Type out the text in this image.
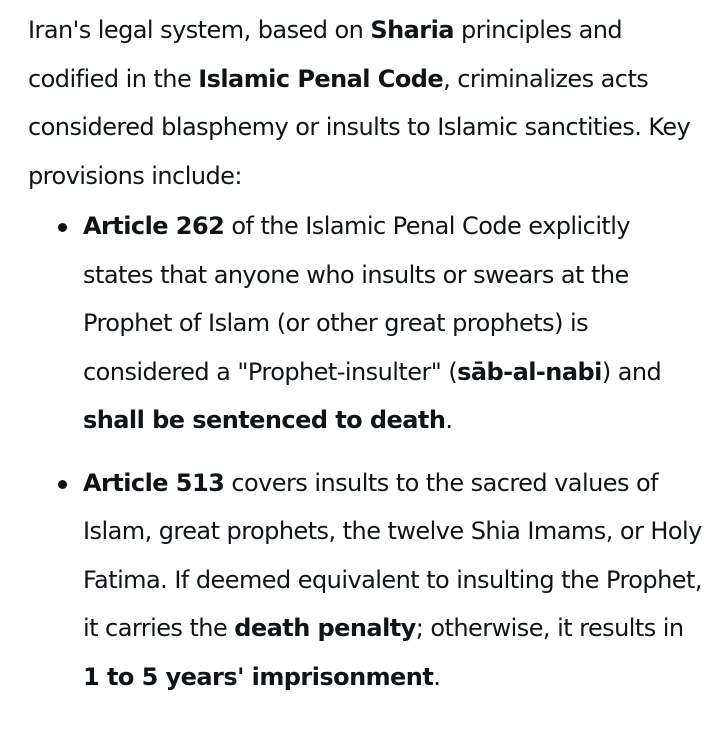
Iran's legal system, based on Sharia principles and codified in the Islamic Penal Code, criminalizes acts considered blasphemy or insults to Islamic sanctities. Key provisions include:

Article 262 of the Islamic Penal Code explicitly states that anyone who insults or swears at the Prophet of Islam (or other great prophets) is considered a "Prophet-insulter" (sāb-al-nabi) and shall be sentenced to death.
Article 513 covers insults to the sacred values of Islam, great prophets, the twelve Shia Imams, or Holy Fatima. If deemed equivalent to insulting the Prophet, it carries the death penalty; otherwise, it results in 1 to 5 years' imprisonment.
